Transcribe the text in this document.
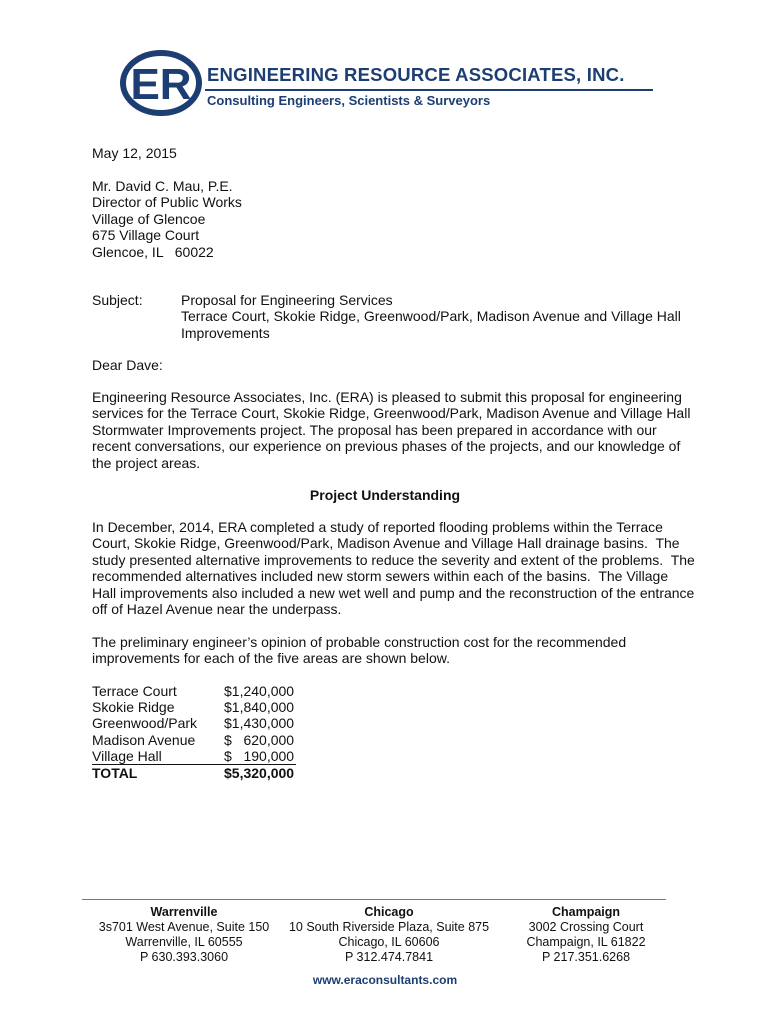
ER ENGINEERING RESOURCE ASSOCIATES, INC.
Consulting Engineers, Scientists & Surveyors
May 12, 2015
Mr. David C. Mau, P.E.
Director of Public Works
Village of Glencoe
675 Village Court
Glencoe, IL   60022
Subject:	Proposal for Engineering Services
Terrace Court, Skokie Ridge, Greenwood/Park, Madison Avenue and Village Hall
Improvements
Dear Dave:
Engineering Resource Associates, Inc. (ERA) is pleased to submit this proposal for engineering
services for the Terrace Court, Skokie Ridge, Greenwood/Park, Madison Avenue and Village Hall
Stormwater Improvements project. The proposal has been prepared in accordance with our
recent conversations, our experience on previous phases of the projects, and our knowledge of
the project areas.
Project Understanding
In December, 2014, ERA completed a study of reported flooding problems within the Terrace
Court, Skokie Ridge, Greenwood/Park, Madison Avenue and Village Hall drainage basins.  The
study presented alternative improvements to reduce the severity and extent of the problems.  The
recommended alternatives included new storm sewers within each of the basins.  The Village
Hall improvements also included a new wet well and pump and the reconstruction of the entrance
off of Hazel Avenue near the underpass.
The preliminary engineer’s opinion of probable construction cost for the recommended
improvements for each of the five areas are shown below.
Terrace Court	$1,240,000
Skokie Ridge	$1,840,000
Greenwood/Park	$1,430,000
Madison Avenue	$   620,000
Village Hall	$   190,000
TOTAL	$5,320,000
Warrenville
3s701 West Avenue, Suite 150
Warrenville, IL 60555
P 630.393.3060
Chicago
10 South Riverside Plaza, Suite 875
Chicago, IL 60606
P 312.474.7841
Champaign
3002 Crossing Court
Champaign, IL 61822
P 217.351.6268
www.eraconsultants.com
